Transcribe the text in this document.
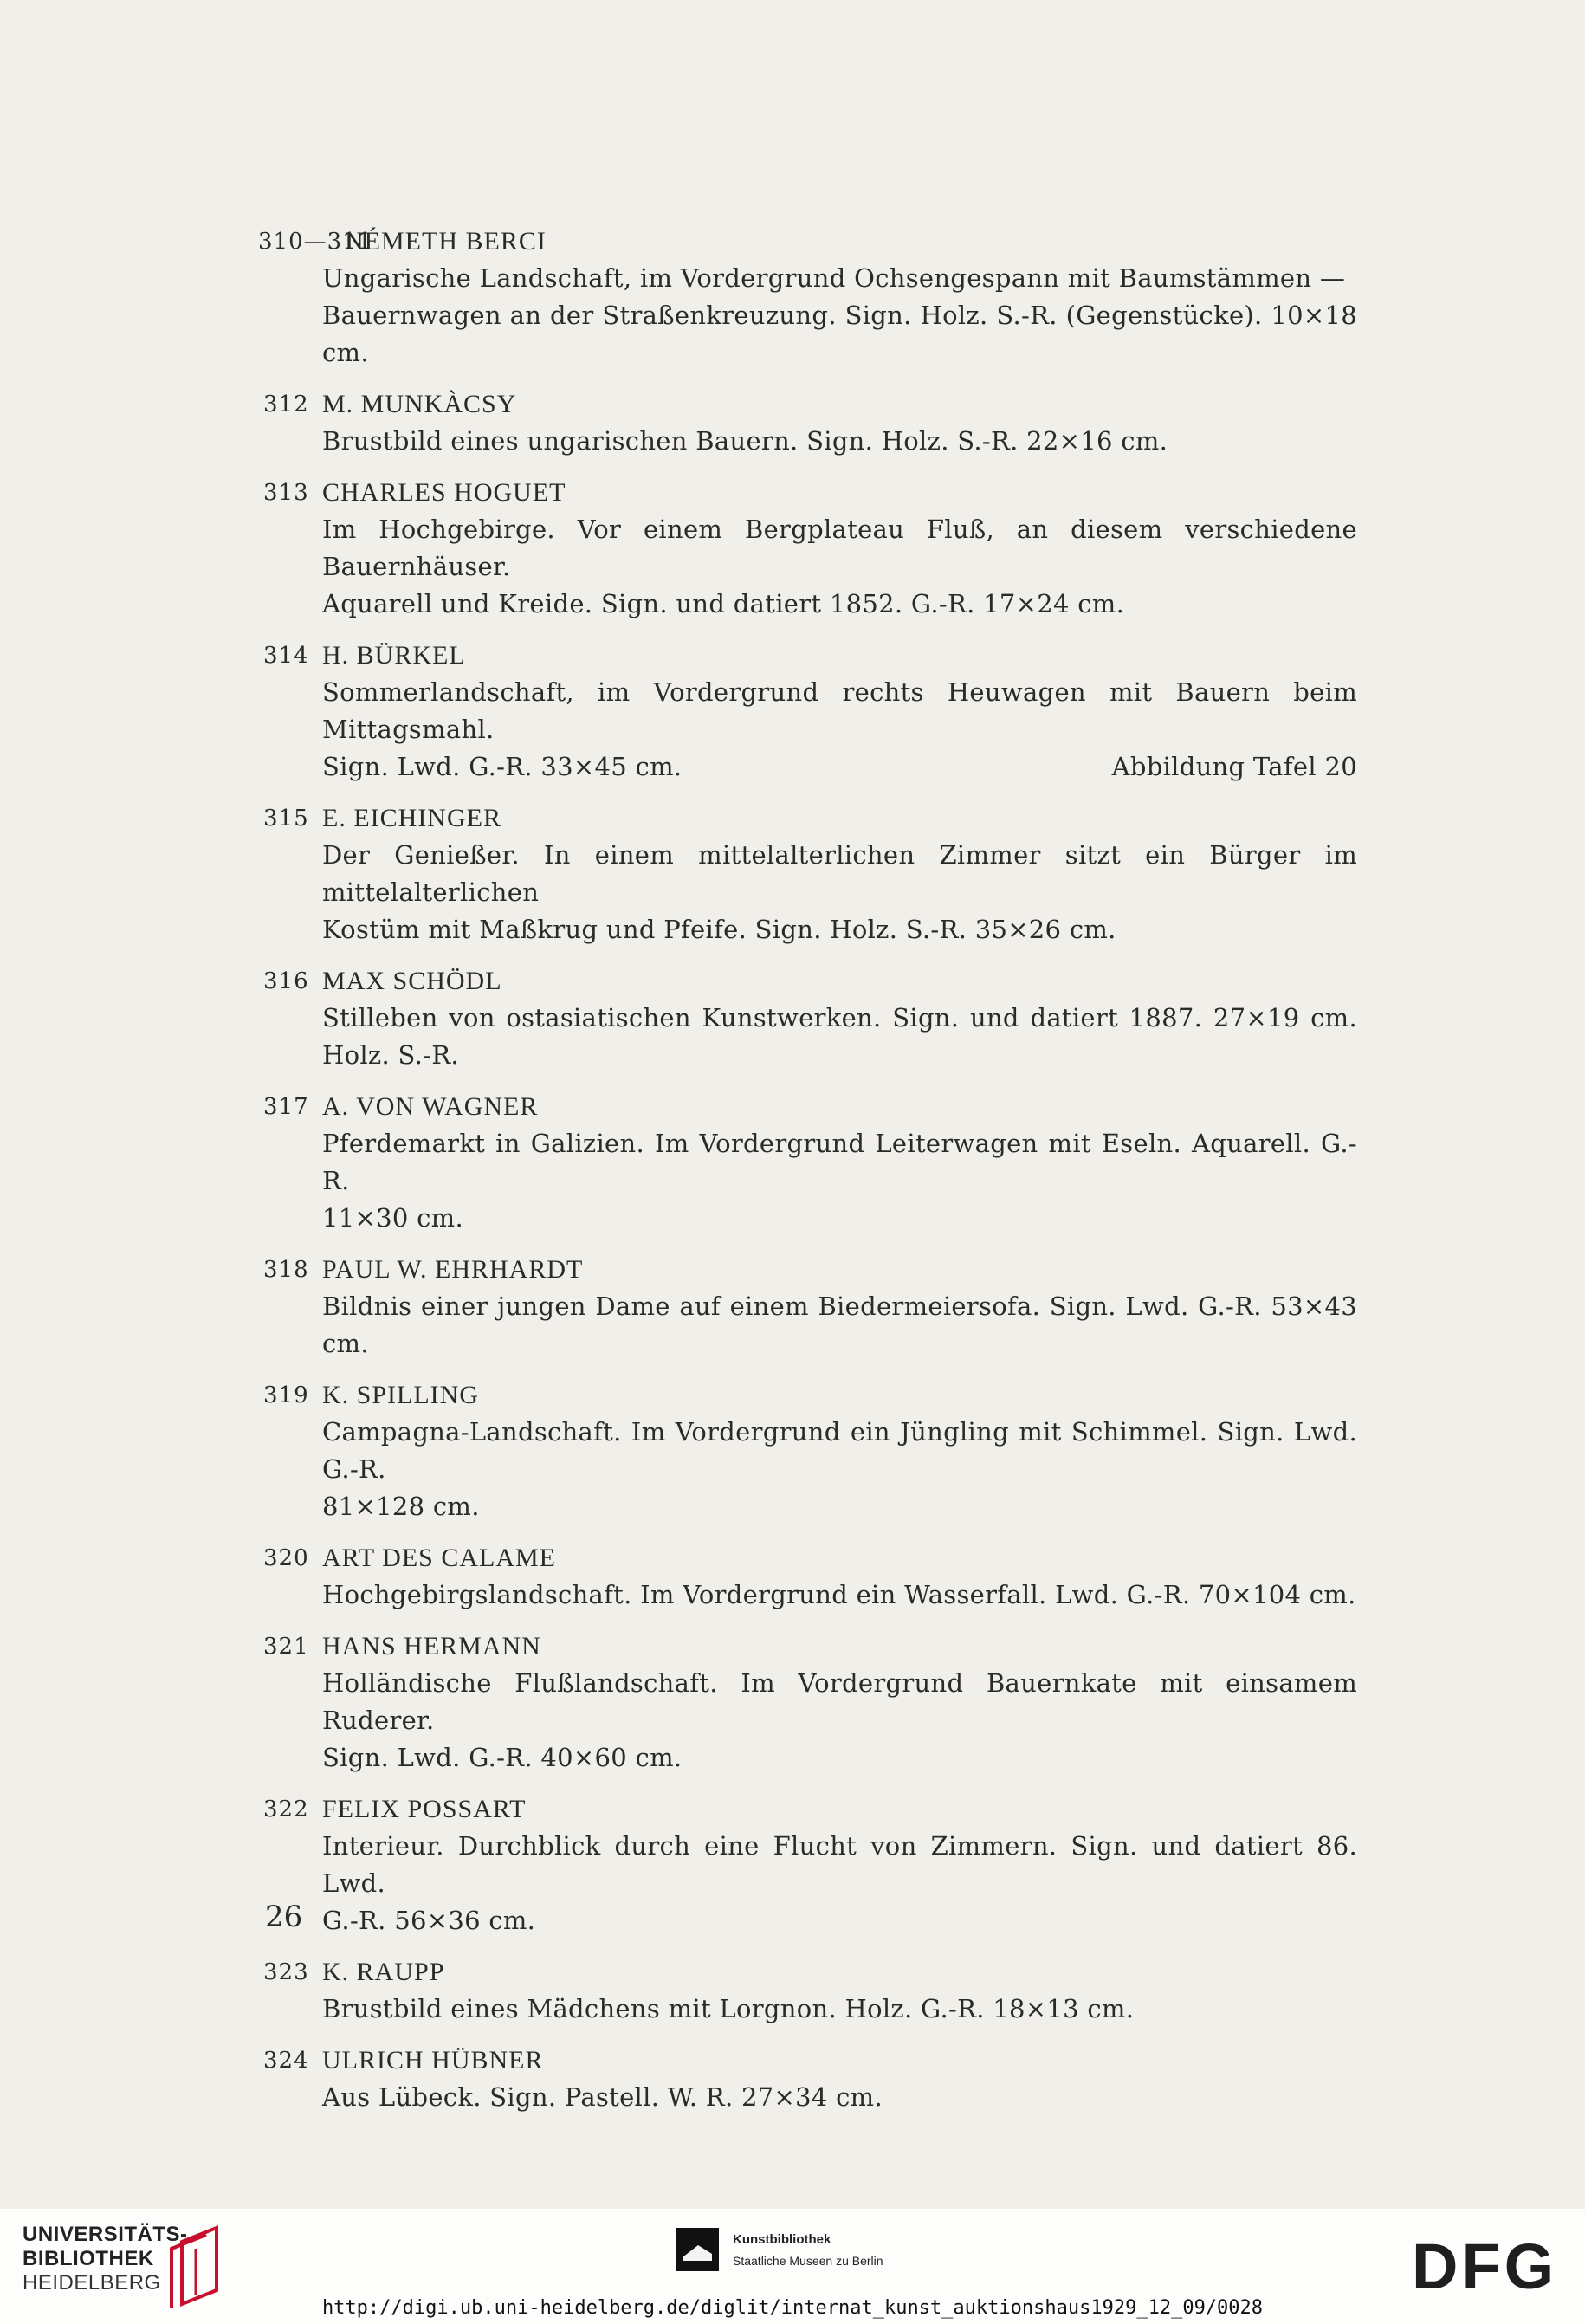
310—311
NÉMETH BERCI

Ungarische Landschaft, im Vordergrund Ochsengespann mit Baumstämmen —

Bauernwagen an der Straßenkreuzung. Sign. Holz. S.-R. (Gegenstücke). 10×18 cm.

312 M. MUNKÀCSY

Brustbild eines ungarischen Bauern. Sign. Holz. S.-R. 22×16 cm.

313 CHARLES HOGUET

Im Hochgebirge. Vor einem Bergplateau Fluß, an diesem verschiedene Bauernhäuser.

Aquarell und Kreide. Sign. und datiert 1852. G.-R. 17×24 cm.

314 H. BÜRKEL

Sommerlandschaft, im Vordergrund rechts Heuwagen mit Bauern beim Mittagsmahl.

Sign. Lwd. G.-R. 33×45 cm.	Abbildung Tafel 20

315 E. EICHINGER

Der Genießer. In einem mittelalterlichen Zimmer sitzt ein Bürger im mittelalterlichen

Kostüm mit Maßkrug und Pfeife. Sign. Holz. S.-R. 35×26 cm.

316 MAX SCHÖDL

Stilleben von ostasiatischen Kunstwerken. Sign. und datiert 1887. 27×19 cm. Holz. S.-R.

317 A. VON WAGNER

Pferdemarkt in Galizien. Im Vordergrund Leiterwagen mit Eseln. Aquarell. G.-R.

11×30 cm.

318 PAUL W. EHRHARDT

Bildnis einer jungen Dame auf einem Biedermeiersofa. Sign. Lwd. G.-R. 53×43 cm.

319 K. SPILLING

Campagna-Landschaft. Im Vordergrund ein Jüngling mit Schimmel. Sign. Lwd. G.-R.

81×128 cm.

320 ART DES CALAME

Hochgebirgslandschaft. Im Vordergrund ein Wasserfall. Lwd. G.-R. 70×104 cm.

321 HANS HERMANN

Holländische Flußlandschaft. Im Vordergrund Bauernkate mit einsamem Ruderer.

Sign. Lwd. G.-R. 40×60 cm.

322 FELIX POSSART

Interieur. Durchblick durch eine Flucht von Zimmern. Sign. und datiert 86. Lwd.

G.-R. 56×36 cm.

323 K. RAUPP

Brustbild eines Mädchens mit Lorgnon. Holz. G.-R. 18×13 cm.

324 ULRICH HÜBNER

Aus Lübeck. Sign. Pastell. W. R. 27×34 cm.

26
UNIVERSITÄTS-
BIBLIOTHEK
HEIDELBERG
Kunstbibliothek
Staatliche Museen zu Berlin	DFG
http://digi.ub.uni-heidelberg.de/diglit/internat_kunst_auktionshaus1929_12_09/0028
